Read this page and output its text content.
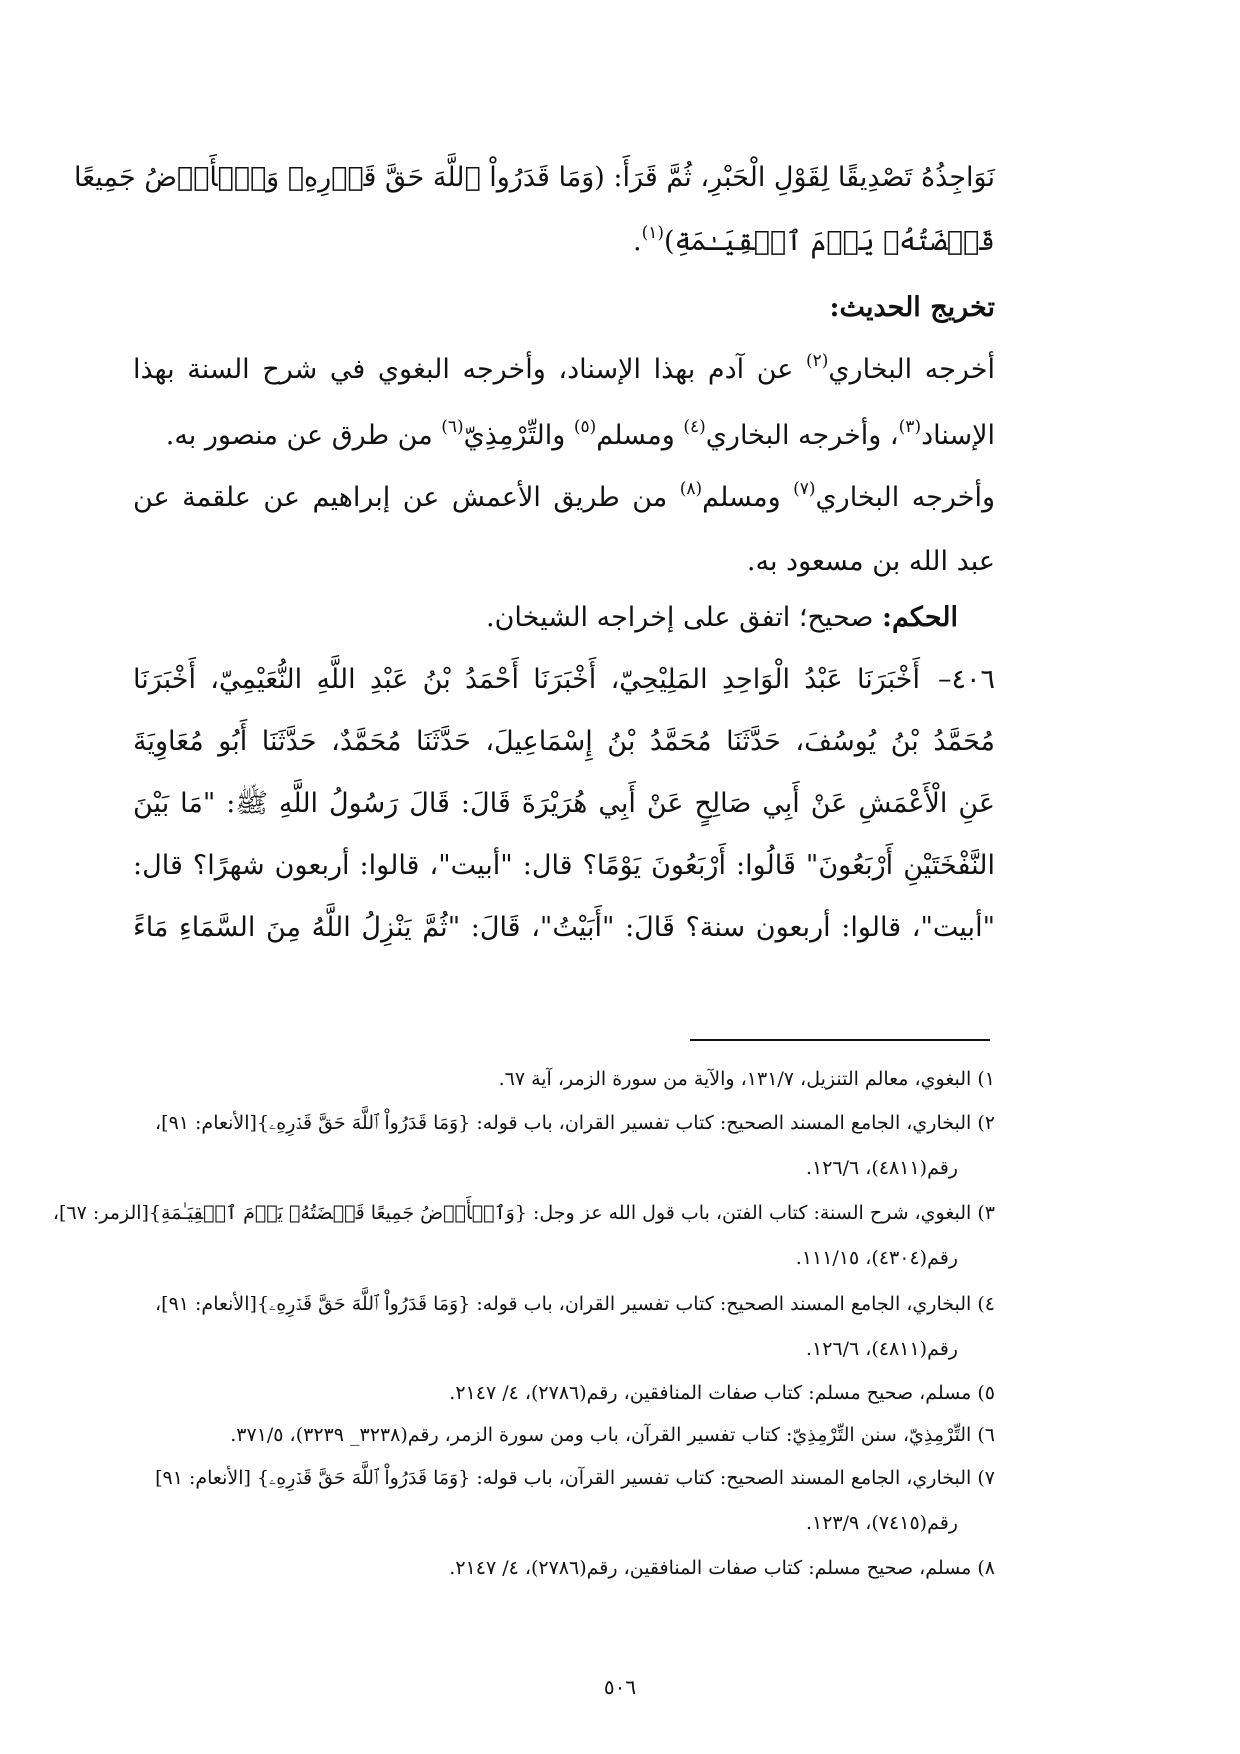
نَوَاجِذُهُ تَصْدِيقًا لِقَوْلِ الْحَبْرِ، ثُمَّ قَرَأَ: (وَمَا قَدَرُواْ ٱللَّهَ حَقَّ قَدۡرِهِۦ وَٱلۡأَرۡضُ جَمِيعًا
قَبۡضَتُهُۥ يَوۡمَ ٱلۡقِيَـٰمَةِ)$^{(١)}$.
تخريج الحديث:
أخرجه البخاري$^{(٢)}$ عن آدم بهذا الإسناد، وأخرجه البغوي في شرح السنة بهذا
الإسناد$^{(٣)}$، وأخرجه البخاري$^{(٤)}$ ومسلم$^{(٥)}$ والتِّرْمِذِيّ$^{(٦)}$ من طرق عن منصور به.
وأخرجه البخاري$^{(٧)}$ ومسلم$^{(٨)}$ من طريق الأعمش عن إبراهيم عن علقمة عن
عبد الله بن مسعود به.
الحكم: صحيح؛ اتفق على إخراجه الشيخان.
٤٠٦–
أَخْبَرَنَا عَبْدُ الْوَاحِدِ المَلِيْحِيّ، أَخْبَرَنَا أَحْمَدُ بْنُ عَبْدِ اللَّهِ النُّعَيْمِيّ، أَخْبَرَنَا
مُحَمَّدُ بْنُ يُوسُفَ، حَدَّثَنَا مُحَمَّدُ بْنُ إِسْمَاعِيلَ، حَدَّثَنَا مُحَمَّدٌ، حَدَّثَنَا أَبُو مُعَاوِيَةَ
عَنِ الْأَعْمَشِ عَنْ أَبِي صَالِحٍ عَنْ أَبِي هُرَيْرَةَ قَالَ: قَالَ رَسُولُ اللَّهِ ﷺ: "مَا بَيْنَ
النَّفْخَتَيْنِ أَرْبَعُونَ" قَالُوا: أَرْبَعُونَ يَوْمًا؟ قال: "أبيت"، قالوا: أربعون شهرًا؟ قال:
"أبيت"، قالوا: أربعون سنة؟ قَالَ: "أَبَيْتُ"، قَالَ: "ثُمَّ يَنْزِلُ اللَّهُ مِنَ السَّمَاءِ مَاءً
١) البغوي، معالم التنزيل، ١٣١/٧، والآية من سورة الزمر، آية ٦٧.
٢) البخاري، الجامع المسند الصحيح: كتاب تفسير القران، باب قوله: {وَمَا قَدَرُواْ ٱللَّهَ حَقَّ قَدۡرِهِۦ}[الأنعام: ٩١]،
رقم(٤٨١١)، ١٢٦/٦.
٣) البغوي، شرح السنة: كتاب الفتن، باب قول الله عز وجل: {وَٱلۡأَرۡضُ جَمِيعًا قَبۡضَتُهُۥ يَوۡمَ ٱلۡقِيَـٰمَةِ}[الزمر: ٦٧]،
رقم(٤٣٠٤)، ١١١/١٥.
٤) البخاري، الجامع المسند الصحيح: كتاب تفسير القران، باب قوله: {وَمَا قَدَرُواْ ٱللَّهَ حَقَّ قَدۡرِهِۦ}[الأنعام: ٩١]،
رقم(٤٨١١)، ١٢٦/٦.
٥) مسلم، صحيح مسلم: كتاب صفات المنافقين، رقم(٢٧٨٦)، ٤/ ٢١٤٧.
٦) التِّرْمِذِيّ، سنن التِّرْمِذِيّ: كتاب تفسير القرآن، باب ومن سورة الزمر، رقم(٣٢٣٨_ ٣٢٣٩)، ٣٧١/٥.
٧) البخاري، الجامع المسند الصحيح: كتاب تفسير القرآن، باب قوله: {وَمَا قَدَرُواْ ٱللَّهَ حَقَّ قَدۡرِهِۦ} [الأنعام: ٩١]
رقم(٧٤١٥)، ١٢٣/٩.
٨) مسلم، صحيح مسلم: كتاب صفات المنافقين، رقم(٢٧٨٦)، ٤/ ٢١٤٧.
٥٠٦
